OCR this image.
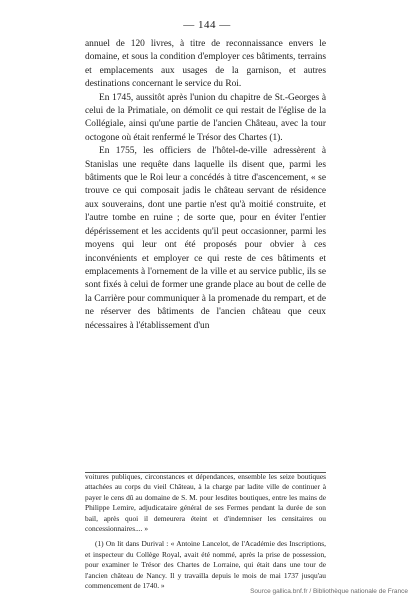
— 144 —

annuel de 120 livres, à titre de reconnaissance envers le domaine, et sous la condition d'employer ces bâtiments, terrains et emplacements aux usages de la garnison, et autres destinations concernant le service du Roi.

En 1745, aussitôt après l'union du chapitre de St.-Georges à celui de la Primatiale, on démolit ce qui restait de l'église de la Collégiale, ainsi qu'une partie de l'ancien Château, avec la tour octogone où était renfermé le Trésor des Chartes (1).

En 1755, les officiers de l'hôtel-de-ville adressèrent à Stanislas une requête dans laquelle ils disent que, parmi les bâtiments que le Roi leur a concédés à titre d'ascencement, « se trouve ce qui composait jadis le château servant de résidence aux souverains, dont une partie n'est qu'à moitié construite, et l'autre tombe en ruine ; de sorte que, pour en éviter l'entier dépérissement et les accidents qu'il peut occasionner, parmi les moyens qui leur ont été proposés pour obvier à ces inconvénients et employer ce qui reste de ces bâtiments et emplacements à l'ornement de la ville et au service public, ils se sont fixés à celui de former une grande place au bout de celle de la Carrière pour communiquer à la promenade du rempart, et de ne réserver des bâtiments de l'ancien château que ceux nécessaires à l'établissement d'un

voitures publiques, circonstances et dépendances, ensemble les seize boutiques attachées au corps du vieil Château, à la charge par ladite ville de continuer à payer le cens dû au domaine de S. M. pour lesdites boutiques, entre les mains de Philippe Lemire, adjudicataire général de ses Fermes pendant la durée de son bail, après quoi il demeurera éteint et d'indemniser les censitaires ou concessionnaires.... »

(1) On lit dans Durival : « Antoine Lancelot, de l'Académie des Inscriptions, et inspecteur du Collège Royal, avait été nommé, après la prise de possession, pour examiner le Trésor des Chartes de Lorraine, qui était dans une tour de l'ancien château de Nancy. Il y travailla depuis le mois de mai 1737 jusqu'au commencement de 1740. »

Source gallica.bnf.fr / Bibliothèque nationale de France
